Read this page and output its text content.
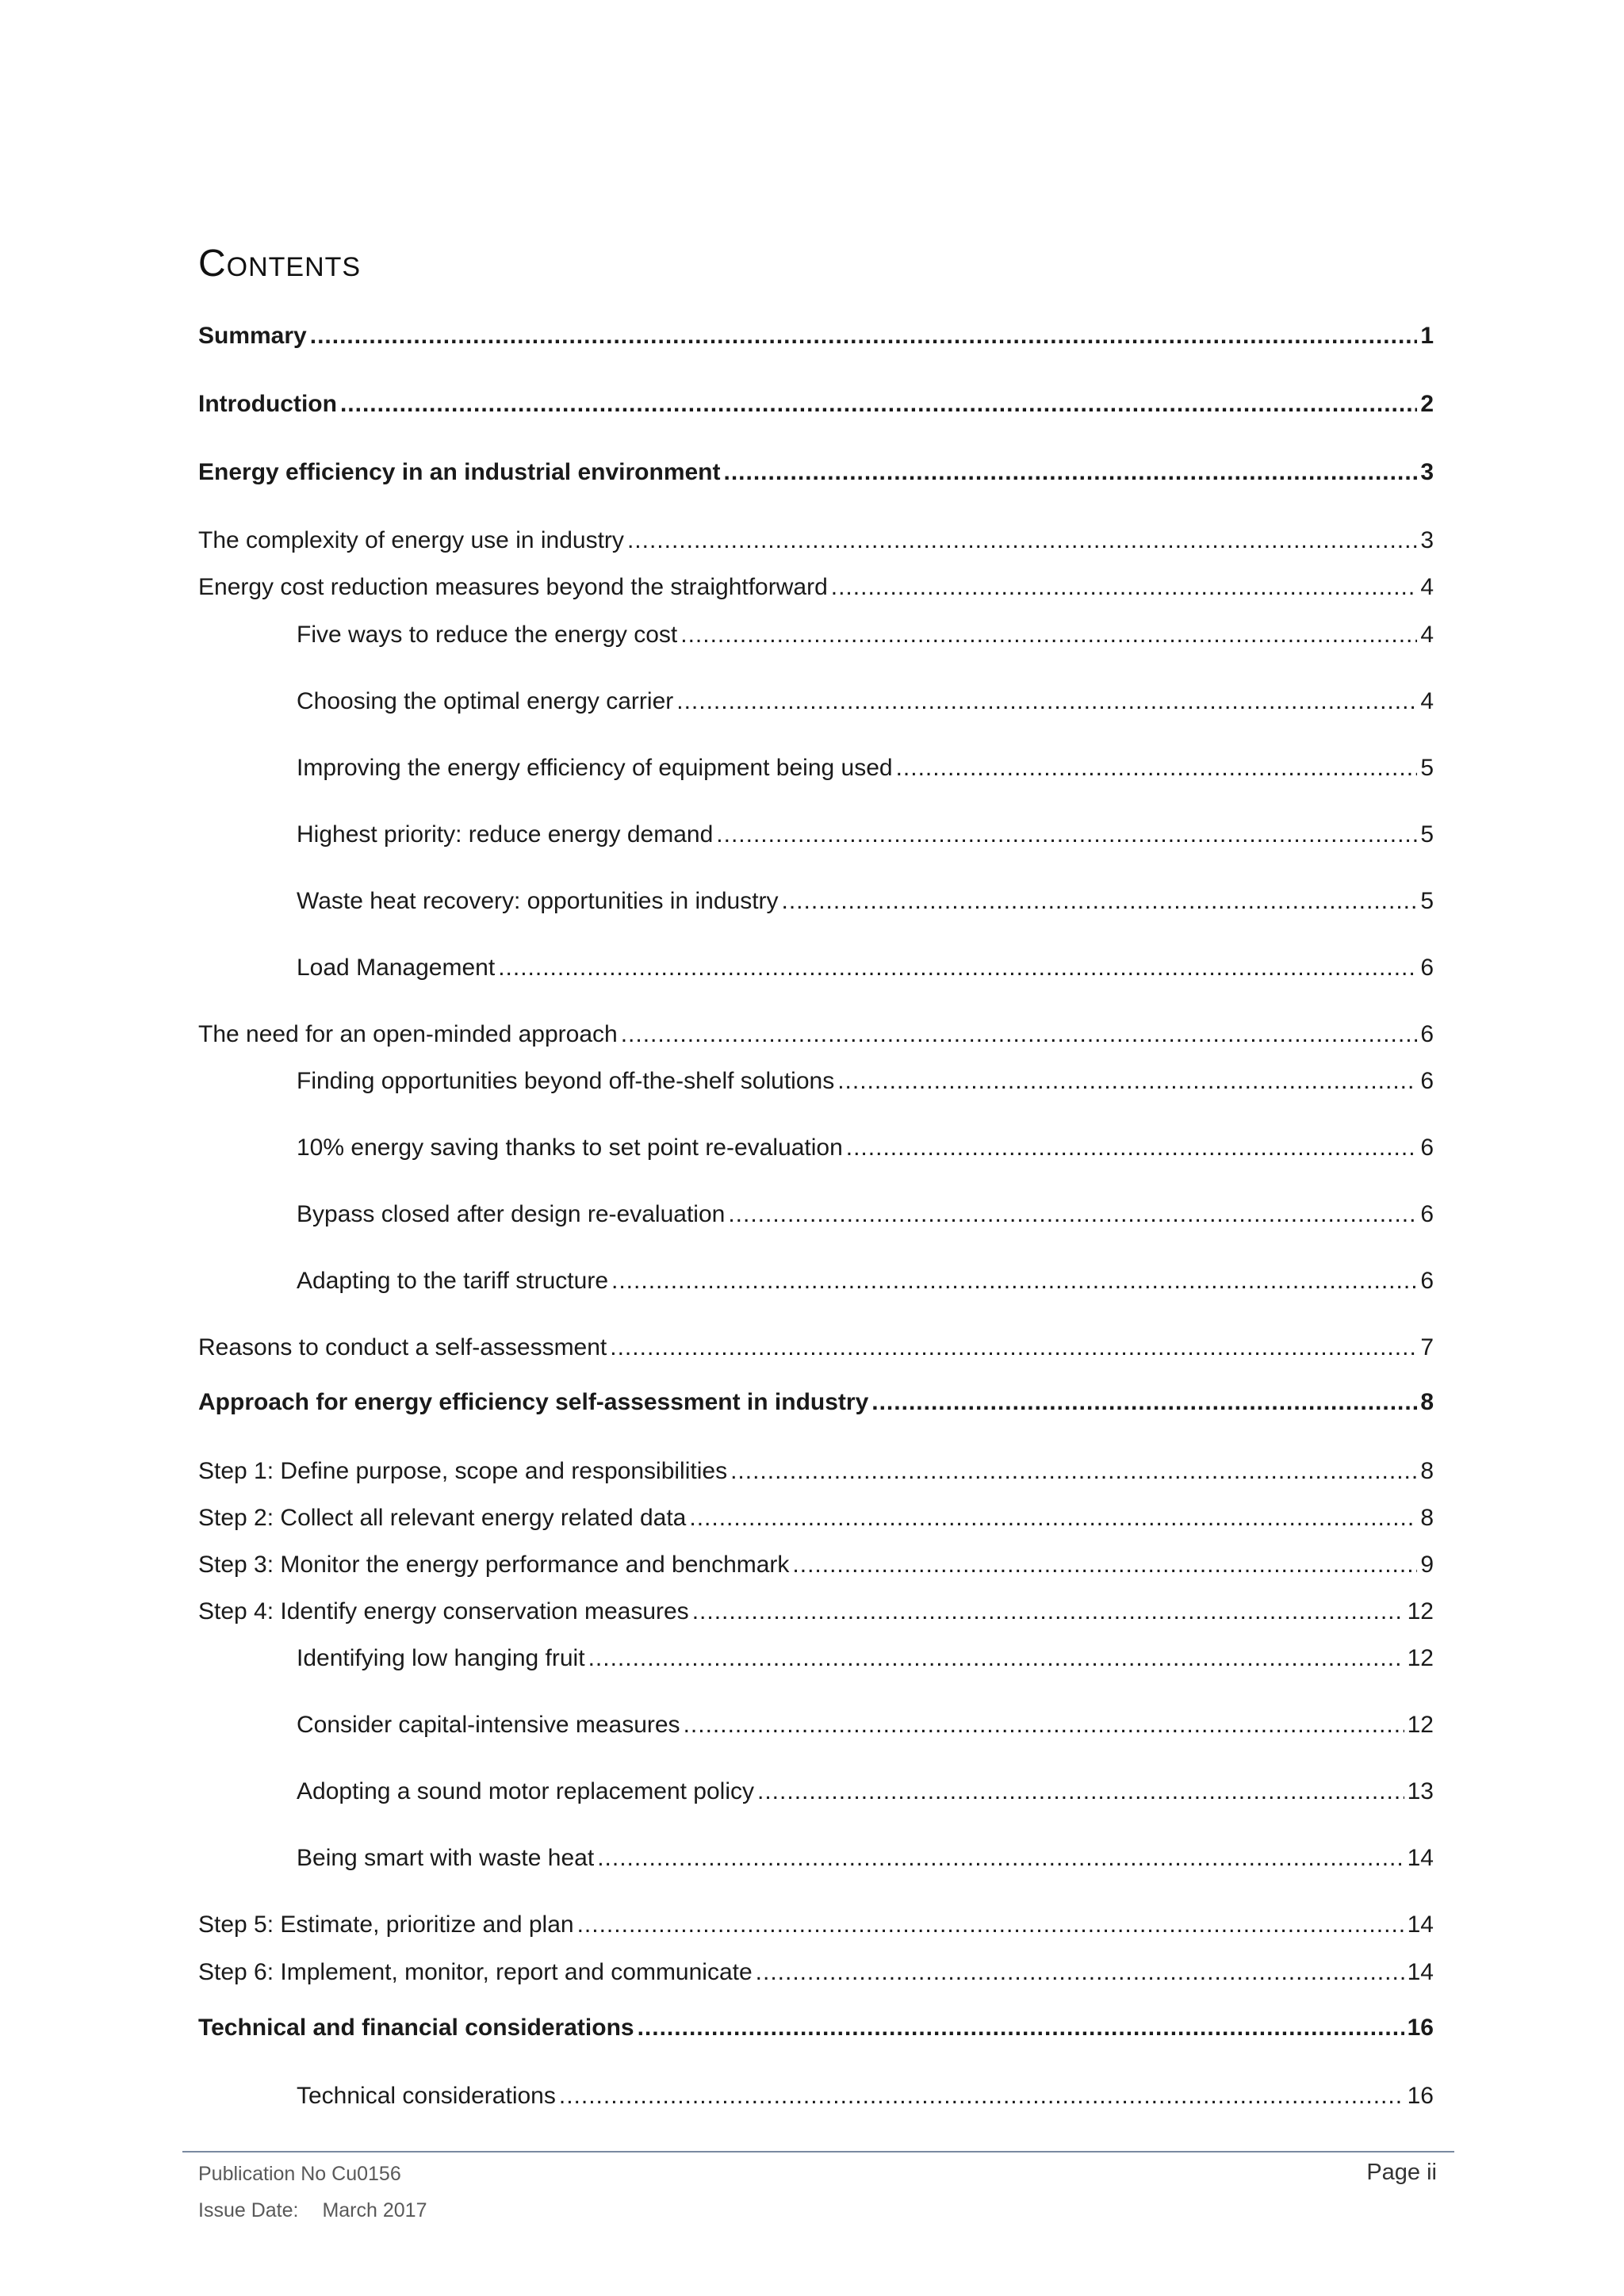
Contents
Summary .....	1
Introduction .....	2
Energy efficiency in an industrial environment .....	3
The complexity of energy use in industry .....	3
Energy cost reduction measures beyond the straightforward .....	4
Five ways to reduce the energy cost .....	4
Choosing the optimal energy carrier .....	4
Improving the energy efficiency of equipment being used .....	5
Highest priority: reduce energy demand .....	5
Waste heat recovery: opportunities in industry .....	5
Load Management .....	6
The need for an open-minded approach .....	6
Finding opportunities beyond off-the-shelf solutions .....	6
10% energy saving thanks to set point re-evaluation .....	6
Bypass closed after design re-evaluation .....	6
Adapting to the tariff structure .....	6
Reasons to conduct a self-assessment .....	7
Approach for energy efficiency self-assessment in industry .....	8
Step 1: Define purpose, scope and responsibilities .....	8
Step 2: Collect all relevant energy related data .....	8
Step 3: Monitor the energy performance and benchmark .....	9
Step 4: Identify energy conservation measures .....	12
Identifying low hanging fruit .....	12
Consider capital-intensive measures .....	12
Adopting a sound motor replacement policy .....	13
Being smart with waste heat .....	14
Step 5: Estimate, prioritize and plan .....	14
Step 6: Implement, monitor, report and communicate .....	14
Technical and financial considerations .....	16
Technical considerations .....	16
Publication No Cu0156
Issue Date: March 2017
Page ii
